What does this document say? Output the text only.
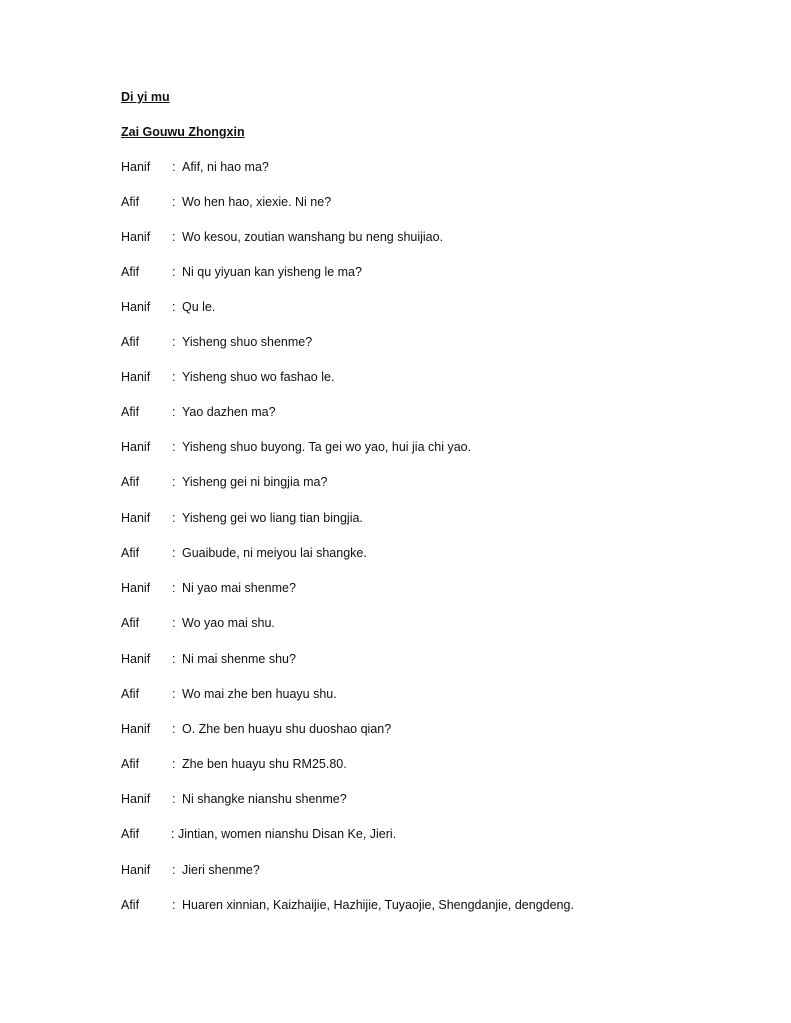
Di yi mu
Zai Gouwu Zhongxin
Hanif	: Afif, ni hao ma?
Afif	: Wo hen hao, xiexie. Ni ne?
Hanif	: Wo kesou, zoutian wanshang bu neng shuijiao.
Afif	: Ni qu yiyuan kan yisheng le ma?
Hanif	: Qu le.
Afif	: Yisheng shuo shenme?
Hanif	: Yisheng shuo wo fashao le.
Afif	: Yao dazhen ma?
Hanif	: Yisheng shuo buyong. Ta gei wo yao, hui jia chi yao.
Afif	: Yisheng gei ni bingjia ma?
Hanif	: Yisheng gei wo liang tian bingjia.
Afif	: Guaibude, ni meiyou lai shangke.
Hanif	: Ni yao mai shenme?
Afif	: Wo yao mai shu.
Hanif	: Ni mai shenme shu?
Afif	: Wo mai zhe ben huayu shu.
Hanif	: O. Zhe ben huayu shu duoshao qian?
Afif	: Zhe ben huayu shu RM25.80.
Hanif	: Ni shangke nianshu shenme?
Afif	: Jintian, women nianshu Disan Ke, Jieri.
Hanif	: Jieri shenme?
Afif	: Huaren xinnian, Kaizhaijie, Hazhijie, Tuyaojie, Shengdanjie, dengdeng.
